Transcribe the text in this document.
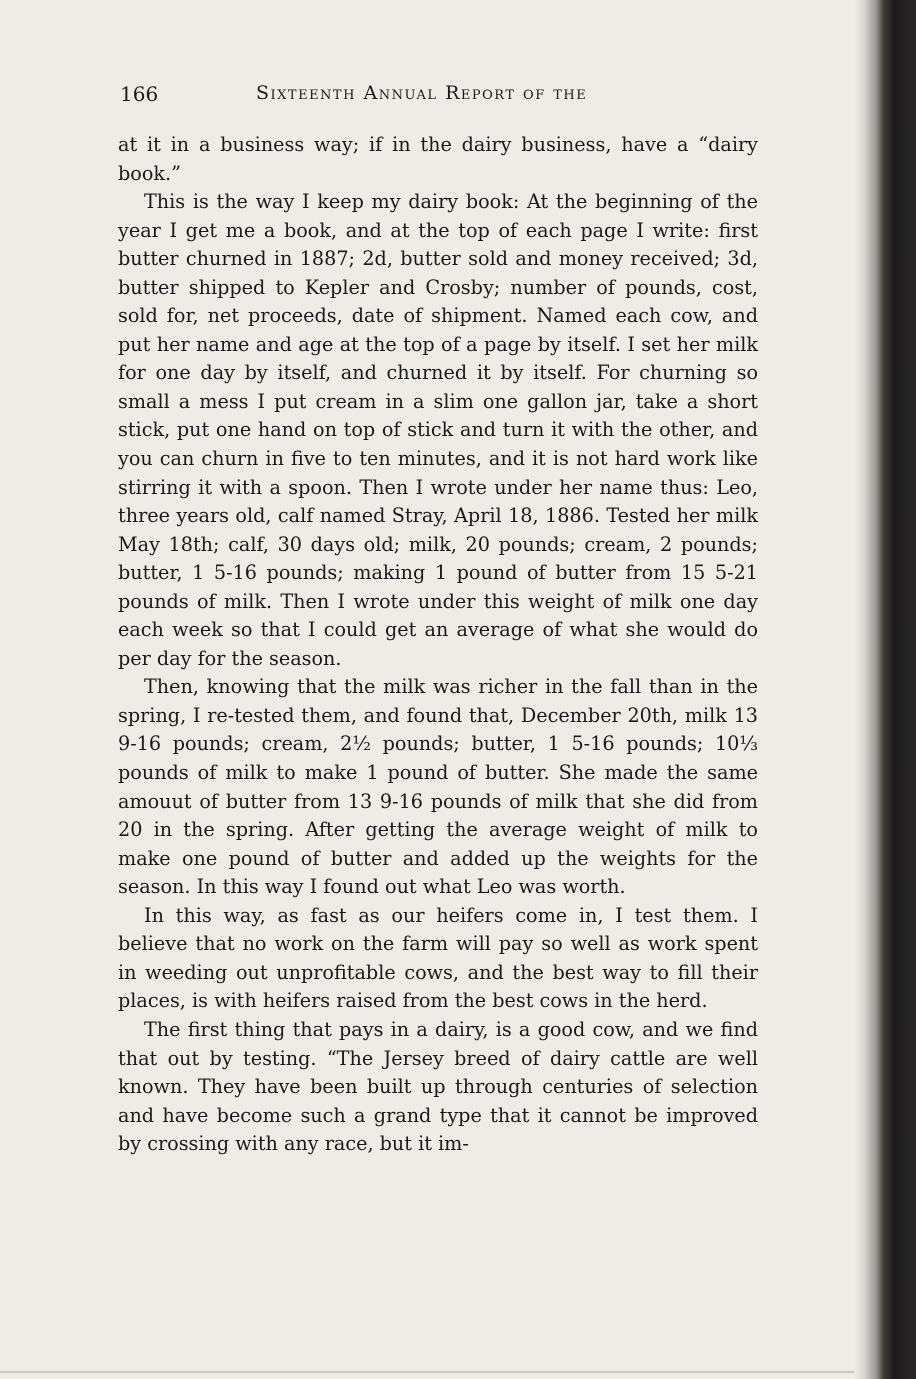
166	Sixteenth Annual Report of the

at it in a business way; if in the dairy business, have a “dairy book.”

This is the way I keep my dairy book: At the beginning of the year I get me a book, and at the top of each page I write: first butter churned in 1887; 2d, butter sold and money received; 3d, butter shipped to Kepler and Crosby; number of pounds, cost, sold for, net proceeds, date of shipment. Named each cow, and put her name and age at the top of a page by itself. I set her milk for one day by itself, and churned it by itself. For churning so small a mess I put cream in a slim one gallon jar, take a short stick, put one hand on top of stick and turn it with the other, and you can churn in five to ten minutes, and it is not hard work like stirring it with a spoon. Then I wrote under her name thus: Leo, three years old, calf named Stray, April 18, 1886. Tested her milk May 18th; calf, 30 days old; milk, 20 pounds; cream, 2 pounds; butter, 1 5-16 pounds; making 1 pound of butter from 15 5-21 pounds of milk. Then I wrote under this weight of milk one day each week so that I could get an average of what she would do per day for the season.

Then, knowing that the milk was richer in the fall than in the spring, I re-tested them, and found that, December 20th, milk 13 9-16 pounds; cream, 2½ pounds; butter, 1 5-16 pounds; 10⅓ pounds of milk to make 1 pound of butter. She made the same amouut of butter from 13 9-16 pounds of milk that she did from 20 in the spring. After getting the average weight of milk to make one pound of butter and added up the weights for the season. In this way I found out what Leo was worth.

In this way, as fast as our heifers come in, I test them. I believe that no work on the farm will pay so well as work spent in weeding out unprofitable cows, and the best way to fill their places, is with heifers raised from the best cows in the herd.

The first thing that pays in a dairy, is a good cow, and we find that out by testing. “The Jersey breed of dairy cattle are well known. They have been built up through centuries of selection and have become such a grand type that it cannot be improved by crossing with any race, but it im-
